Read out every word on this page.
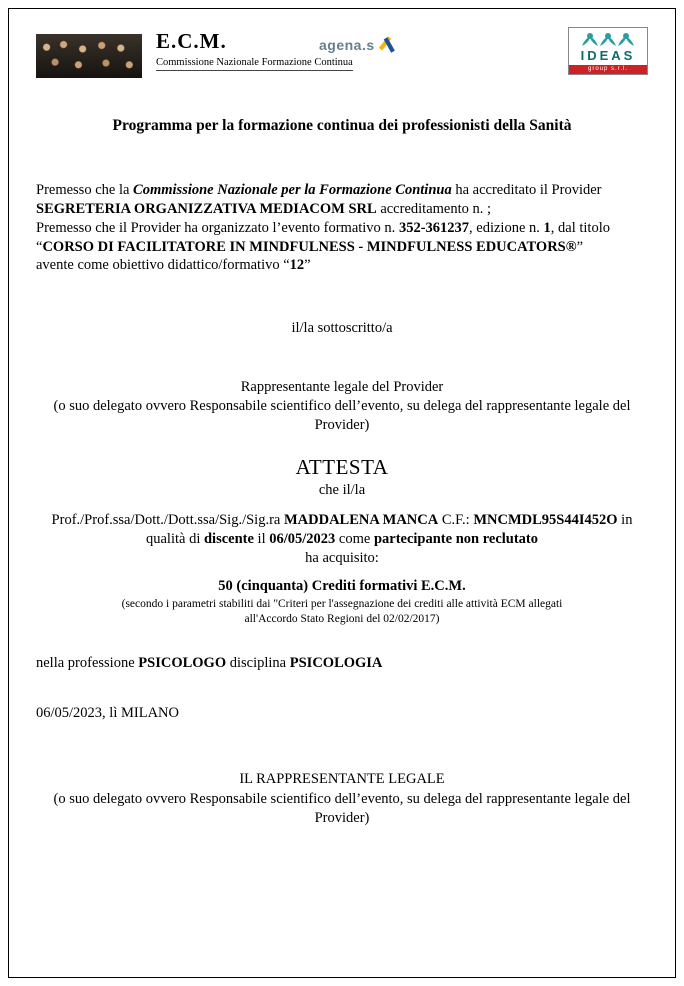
E.C.M.
Commissione Nazionale Formazione Continua
agena.s
IDEAS
group s.r.l.
Programma per la formazione continua dei professionisti della Sanità

Premesso che la Commissione Nazionale per la Formazione Continua ha accreditato il Provider SEGRETERIA ORGANIZZATIVA MEDIACOM SRL accreditamento n. ;
Premesso che il Provider ha organizzato l’evento formativo n. 352-361237, edizione n. 1, dal titolo “CORSO DI FACILITATORE IN MINDFULNESS - MINDFULNESS EDUCATORS®”
avente come obiettivo didattico/formativo “12”

il/la sottoscritto/a

Rappresentante legale del Provider

(o suo delegato ovvero Responsabile scientifico dell’evento, su delega del rappresentante legale del Provider)

ATTESTA

che il/la

Prof./Prof.ssa/Dott./Dott.ssa/Sig./Sig.ra MADDALENA MANCA C.F.: MNCMDL95S44I452O in qualità di discente il 06/05/2023 come partecipante non reclutato
ha acquisito:

50 (cinquanta) Crediti formativi E.C.M.

(secondo i parametri stabiliti dai "Criteri per l'assegnazione dei crediti alle attività ECM allegati all'Accordo Stato Regioni del 02/02/2017)

nella professione PSICOLOGO disciplina PSICOLOGIA

06/05/2023, lì MILANO

IL RAPPRESENTANTE LEGALE

(o suo delegato ovvero Responsabile scientifico dell’evento, su delega del rappresentante legale del Provider)
